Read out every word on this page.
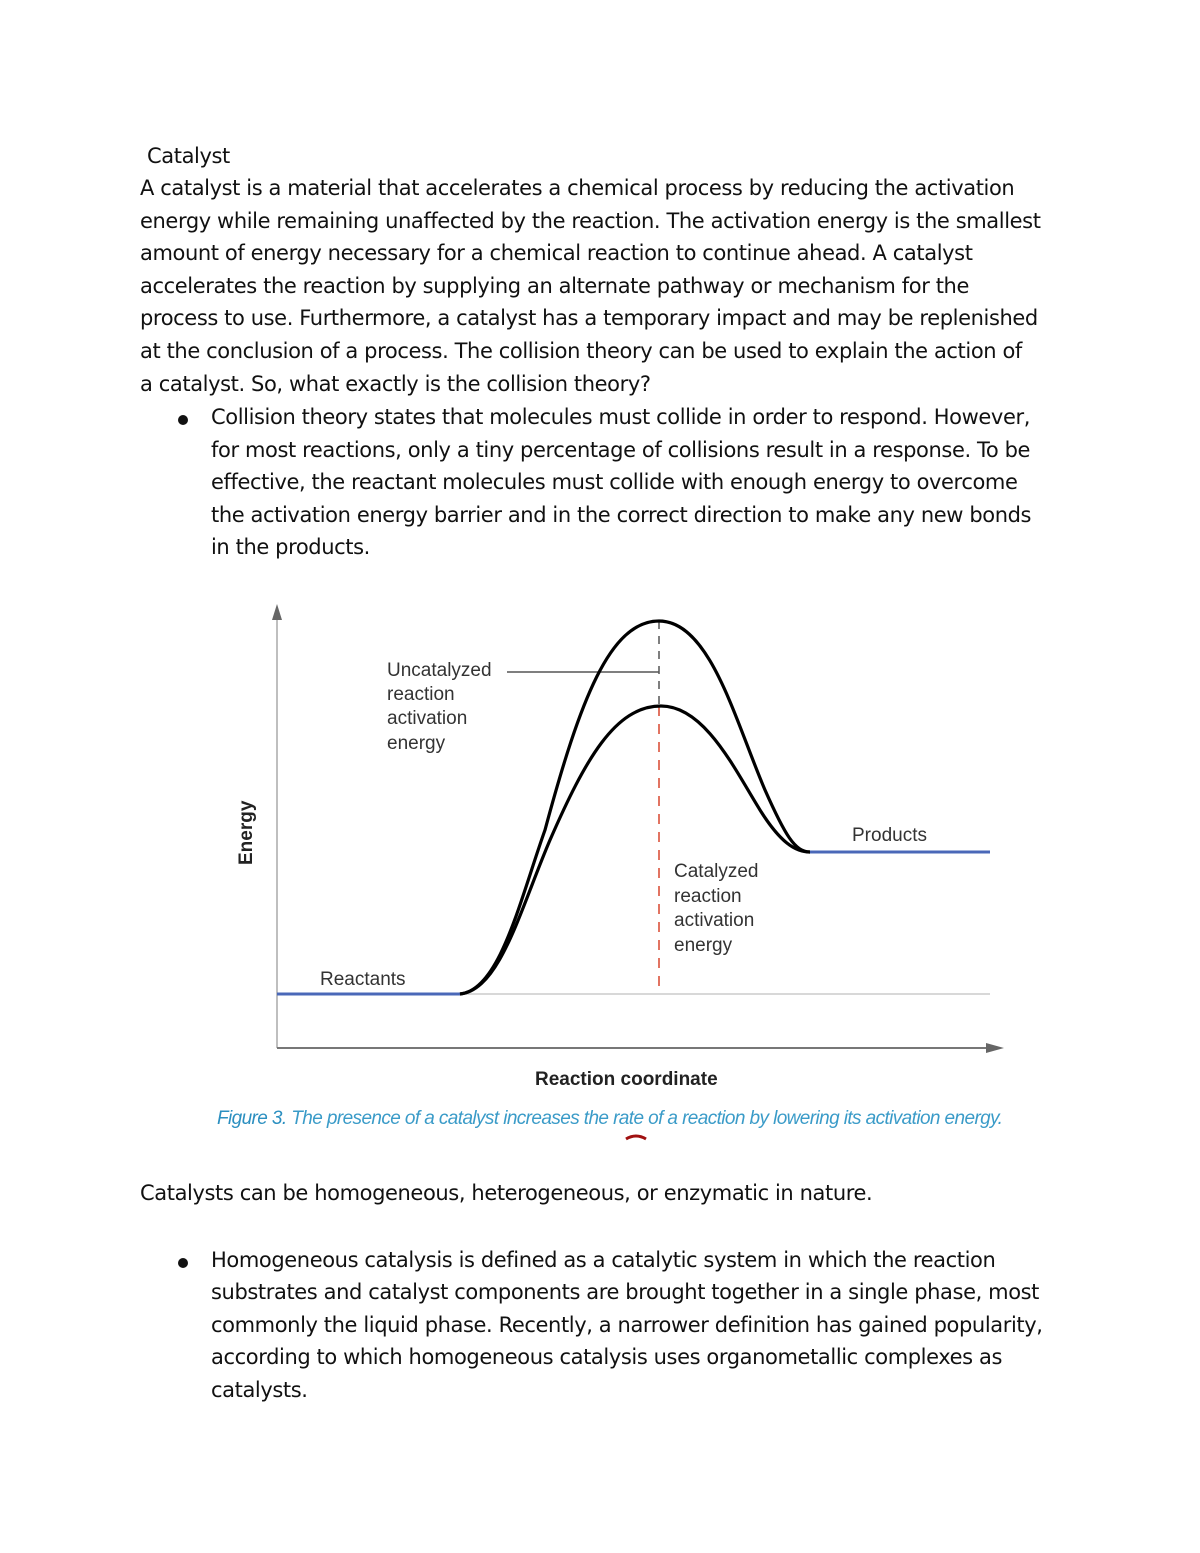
Catalyst
A catalyst is a material that accelerates a chemical process by reducing the activation
energy while remaining unaffected by the reaction. The activation energy is the smallest
amount of energy necessary for a chemical reaction to continue ahead. A catalyst
accelerates the reaction by supplying an alternate pathway or mechanism for the
process to use. Furthermore, a catalyst has a temporary impact and may be replenished
at the conclusion of a process. The collision theory can be used to explain the action of
a catalyst. So, what exactly is the collision theory?
Collision theory states that molecules must collide in order to respond. However,
for most reactions, only a tiny percentage of collisions result in a response. To be
effective, the reactant molecules must collide with enough energy to overcome
the activation energy barrier and in the correct direction to make any new bonds
in the products.
Uncatalyzed reaction activation energy
Catalyzed reaction activation energy
Reactants
Products
Energy
Reaction coordinate
Figure 3. The presence of a catalyst increases the rate of a reaction by lowering its activation energy.
Catalysts can be homogeneous, heterogeneous, or enzymatic in nature.
Homogeneous catalysis is defined as a catalytic system in which the reaction
substrates and catalyst components are brought together in a single phase, most
commonly the liquid phase. Recently, a narrower definition has gained popularity,
according to which homogeneous catalysis uses organometallic complexes as
catalysts.
